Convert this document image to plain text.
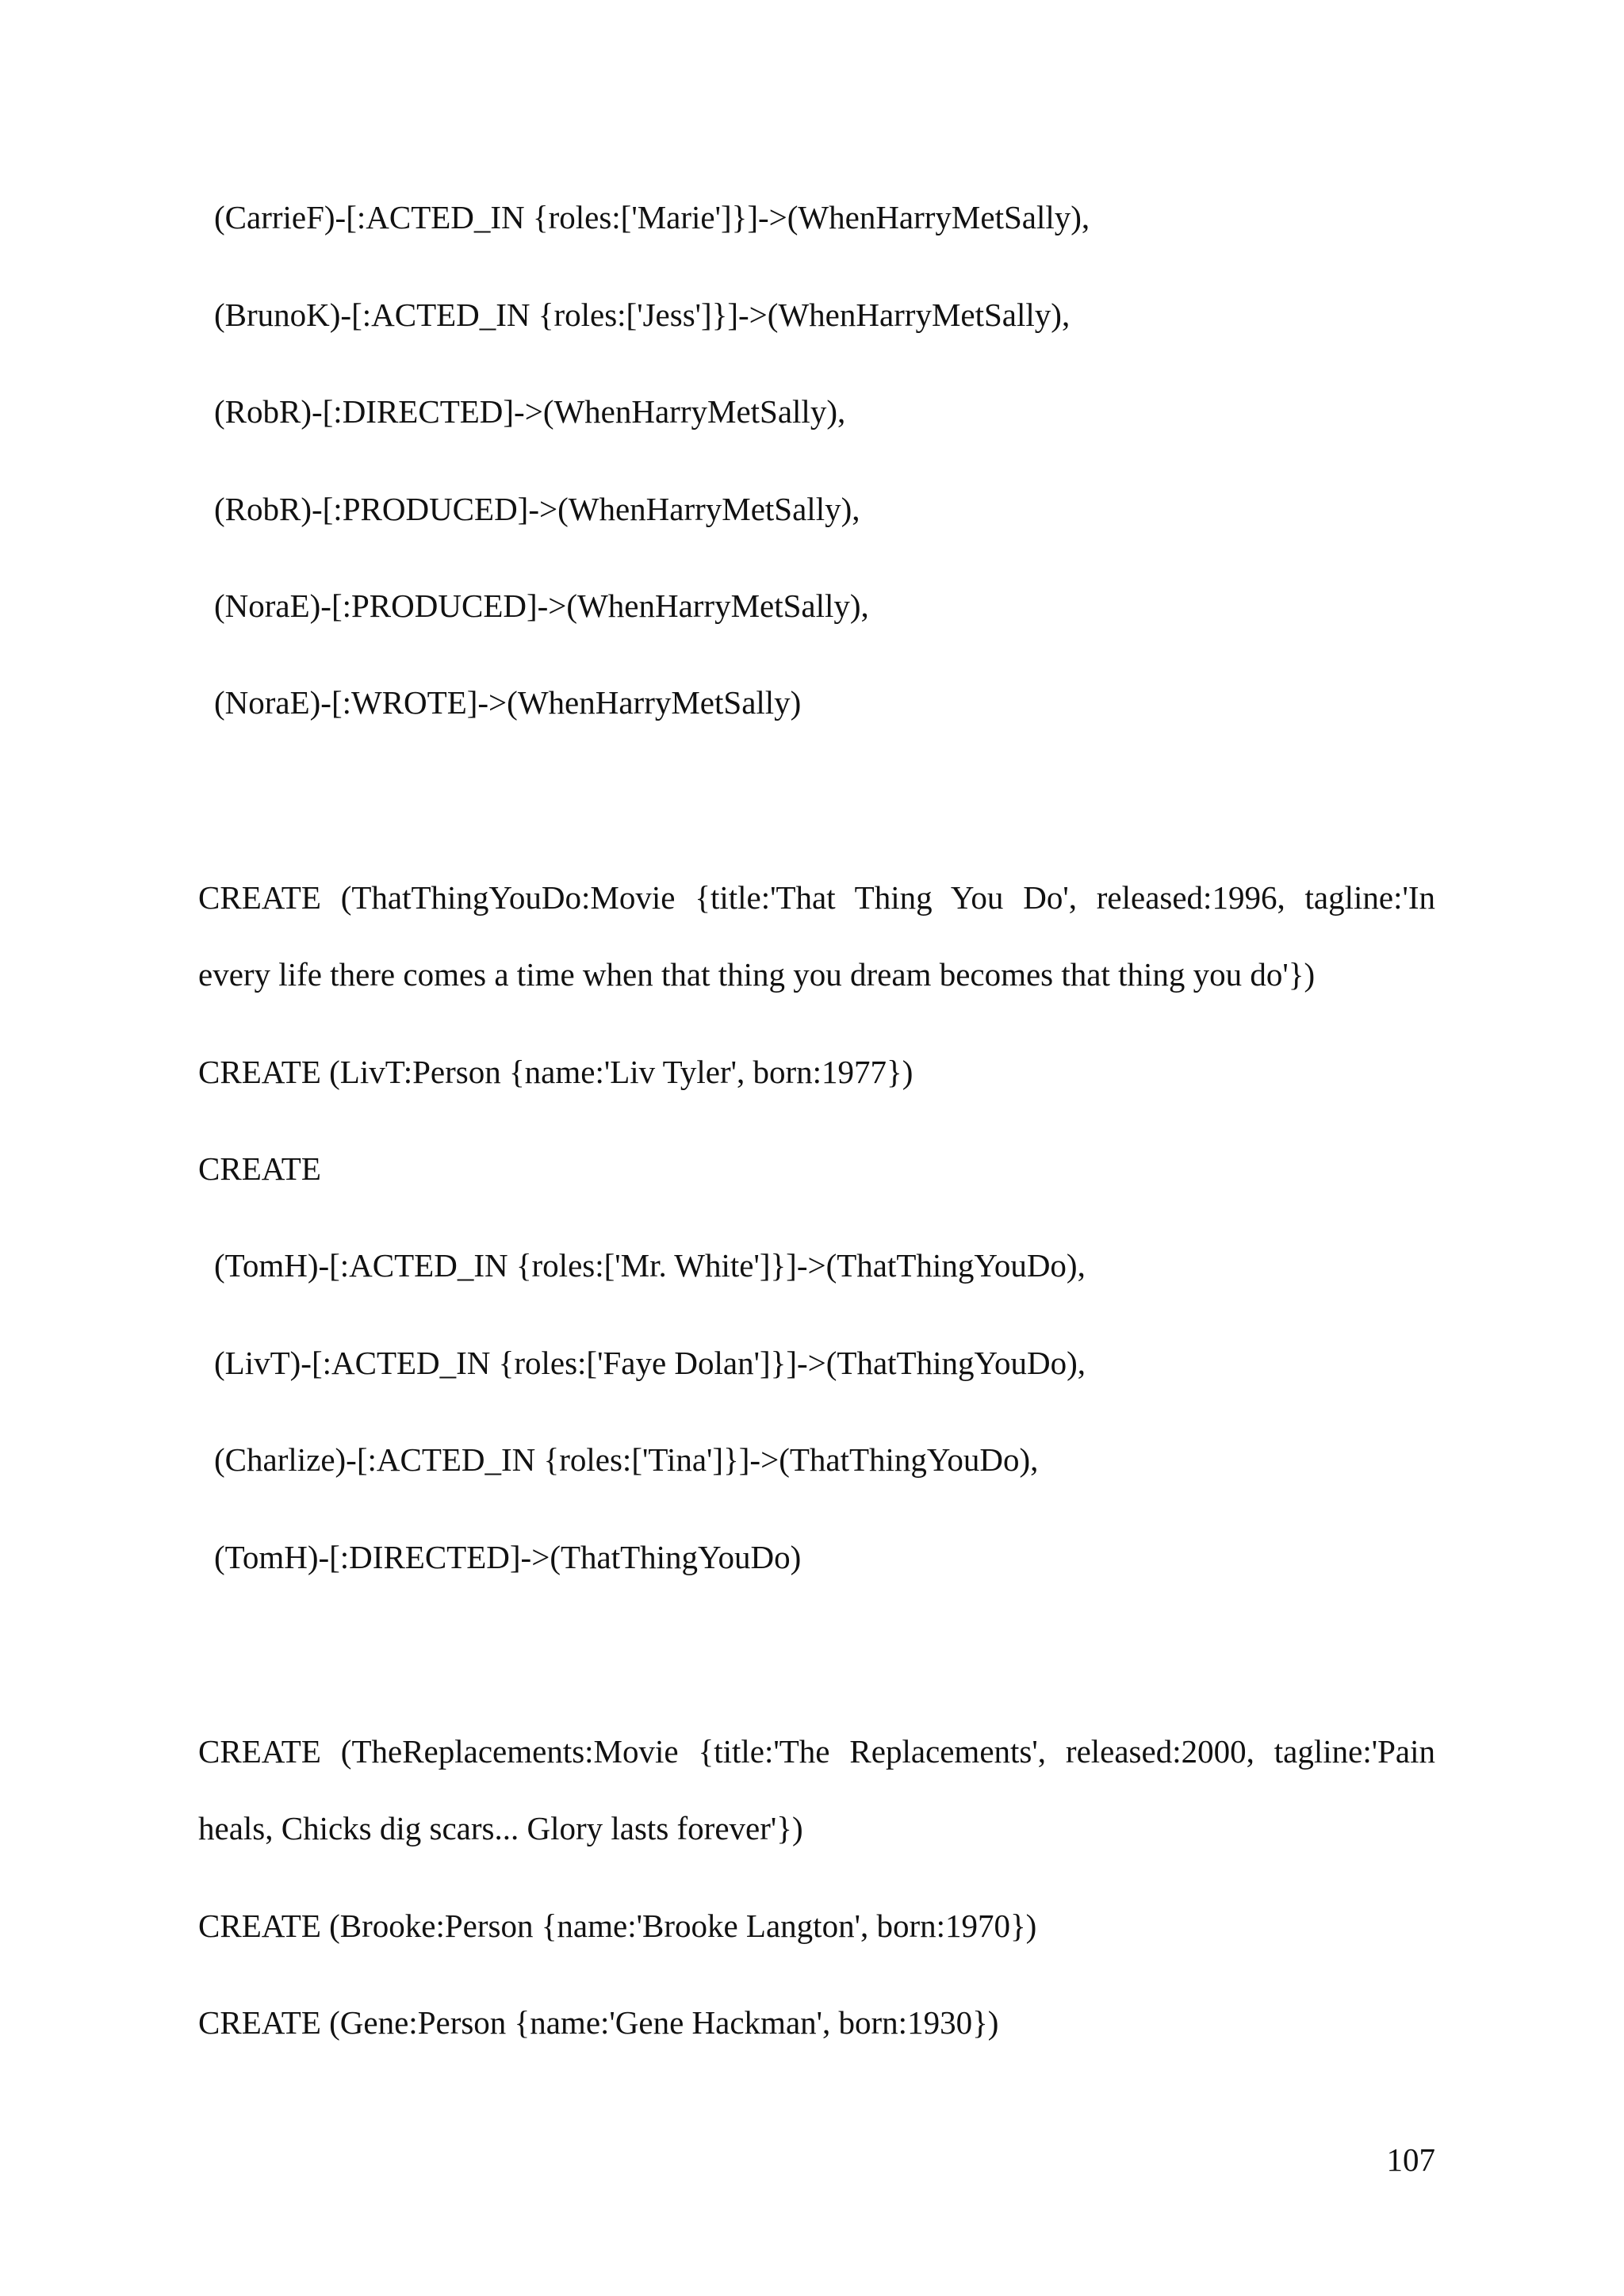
(CarrieF)-[:ACTED_IN {roles:['Marie']}]->(WhenHarryMetSally),
(BrunoK)-[:ACTED_IN {roles:['Jess']}]->(WhenHarryMetSally),
(RobR)-[:DIRECTED]->(WhenHarryMetSally),
(RobR)-[:PRODUCED]->(WhenHarryMetSally),
(NoraE)-[:PRODUCED]->(WhenHarryMetSally),
(NoraE)-[:WROTE]->(WhenHarryMetSally)
CREATE (ThatThingYouDo:Movie {title:'That Thing You Do', released:1996, tagline:'In
every life there comes a time when that thing you dream becomes that thing you do'})
CREATE (LivT:Person {name:'Liv Tyler', born:1977})
CREATE
(TomH)-[:ACTED_IN {roles:['Mr. White']}]->(ThatThingYouDo),
(LivT)-[:ACTED_IN {roles:['Faye Dolan']}]->(ThatThingYouDo),
(Charlize)-[:ACTED_IN {roles:['Tina']}]->(ThatThingYouDo),
(TomH)-[:DIRECTED]->(ThatThingYouDo)
CREATE (TheReplacements:Movie {title:'The Replacements', released:2000, tagline:'Pain
heals, Chicks dig scars... Glory lasts forever'})
CREATE (Brooke:Person {name:'Brooke Langton', born:1970})
CREATE (Gene:Person {name:'Gene Hackman', born:1930})
107
